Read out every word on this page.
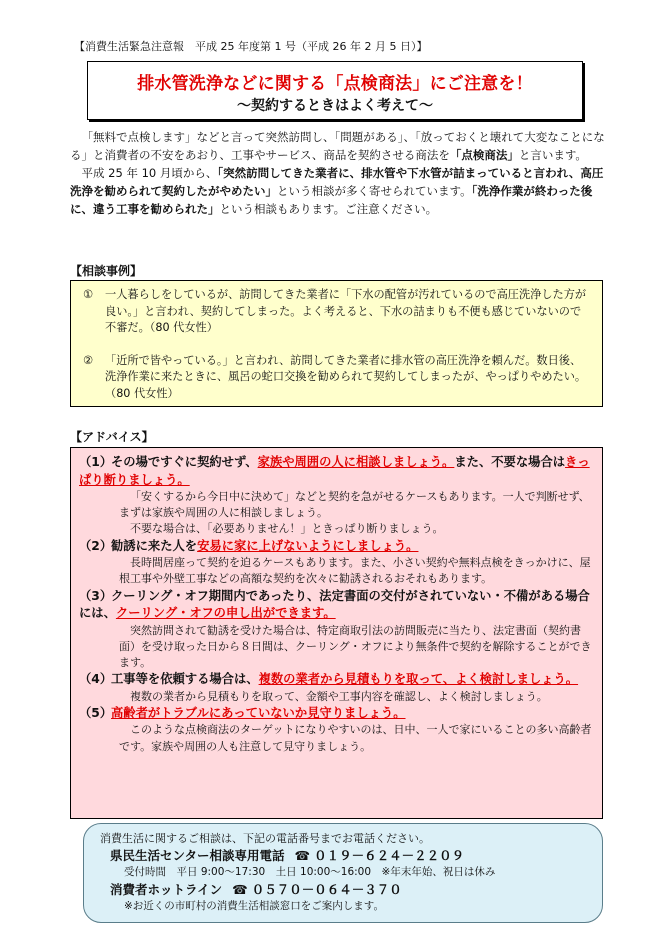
【消費生活緊急注意報　平成 25 年度第 1 号（平成 26 年 2 月 5 日）】
排水管洗浄などに関する「点検商法」にご注意を！
～契約するときはよく考えて～

「無料で点検します」などと言って突然訪問し、「問題がある」、「放っておくと壊れて大変なことになる」と消費者の不安をあおり、工事やサービス、商品を契約させる商法を「点検商法」と言います。

平成 25 年 10 月頃から、「突然訪問してきた業者に、排水管や下水管が詰まっていると言われ、高圧洗浄を勧められて契約したがやめたい」という相談が多く寄せられています。「洗浄作業が終わった後に、違う工事を勧められた」という相談もあります。ご注意ください。

【相談事例】
①	一人暮らしをしているが、訪問してきた業者に「下水の配管が汚れているので高圧洗浄した方が良い。」と言われ、契約してしまった。よく考えると、下水の詰まりも不便も感じていないので不審だ。（80 代女性）
②	「近所で皆やっている。」と言われ、訪問してきた業者に排水管の高圧洗浄を頼んだ。数日後、洗浄作業に来たときに、風呂の蛇口交換を勧められて契約してしまったが、やっぱりやめたい。（80 代女性）
【アドバイス】
（1）その場ですぐに契約せず、家族や周囲の人に相談しましょう。また、不要な場合はきっぱり断りましょう。
「安くするから今日中に決めて」などと契約を急がせるケースもあります。一人で判断せず、まずは家族や周囲の人に相談しましょう。
不要な場合は、「必要ありません！」ときっぱり断りましょう。
（2）勧誘に来た人を安易に家に上げないようにしましょう。
長時間居座って契約を迫るケースもあります。また、小さい契約や無料点検をきっかけに、屋根工事や外壁工事などの高額な契約を次々に勧誘されるおそれもあります。
（3）クーリング・オフ期間内であったり、法定書面の交付がされていない・不備がある場合には、クーリング・オフの申し出ができます。
突然訪問されて勧誘を受けた場合は、特定商取引法の訪問販売に当たり、法定書面（契約書面）を受け取った日から８日間は、クーリング・オフにより無条件で契約を解除することができます。
（4）工事等を依頼する場合は、複数の業者から見積もりを取って、よく検討しましょう。
複数の業者から見積もりを取って、金額や工事内容を確認し、よく検討しましょう。
（5）高齢者がトラブルにあっていないか見守りましょう。
このような点検商法のターゲットになりやすいのは、日中、一人で家にいることの多い高齢者です。家族や周囲の人も注意して見守りましょう。
消費生活に関するご相談は、下記の電話番号までお電話ください。
県民生活センター相談専用電話 ☎ ０１９－６２４－２２０９
受付時間　平日 9:00～17:30　土日 10:00～16:00　※年末年始、祝日は休み
消費者ホットライン ☎ ０５７０－０６４－３７０
※お近くの市町村の消費生活相談窓口をご案内します。
